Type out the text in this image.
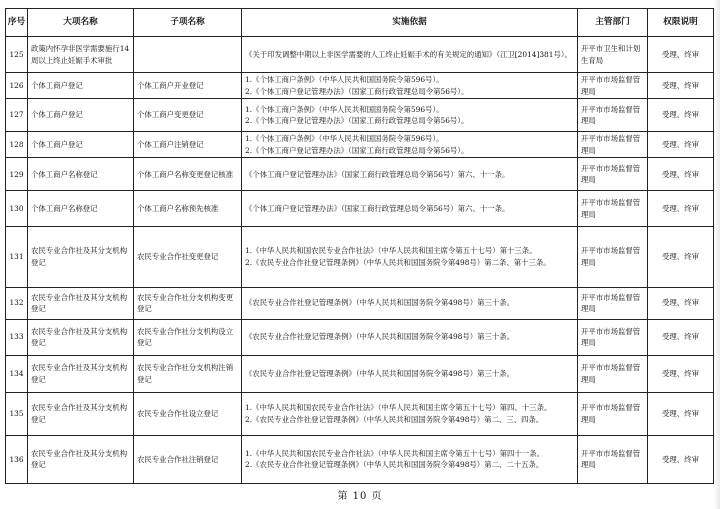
序号	大项名称	子项名称	实施依据	主管部门	权限说明
125	政策内怀孕非医学需要施行14周以上终止妊娠手术审批		《关于印发调整中期以上非医学需要的人工终止妊娠手术的有关规定的通知》（江卫[2014]381号）。	开平市卫生和计划生育局	受理、终审
126	个体工商户登记	个体工商户开业登记	1.《个体工商户条例》（中华人民共和国国务院令第596号）。
2.《个体工商户登记管理办法》（国家工商行政管理总局令第56号）。	开平市市场监督管理局	受理、终审
127	个体工商户登记	个体工商户变更登记	1.《个体工商户条例》（中华人民共和国国务院令第596号）。
2.《个体工商户登记管理办法》（国家工商行政管理总局令第56号）。	开平市市场监督管理局	受理、终审
128	个体工商户登记	个体工商户注销登记	1.《个体工商户条例》（中华人民共和国国务院令第596号）。
2.《个体工商户登记管理办法》（国家工商行政管理总局令第56号）。	开平市市场监督管理局	受理、终审
129	个体工商户名称登记	个体工商户名称变更登记核准	《个体工商户登记管理办法》（国家工商行政管理总局令第56号）第六、十一条。	开平市市场监督管理局	受理、终审
130	个体工商户名称登记	个体工商户名称预先核准	《个体工商户登记管理办法》（国家工商行政管理总局令第56号）第六、十一条。	开平市市场监督管理局	受理、终审
131	农民专业合作社及其分支机构登记	农民专业合作社变更登记	1.《中华人民共和国农民专业合作社法》（中华人民共和国主席令第五十七号）第十三条。
2.《农民专业合作社登记管理条例》（中华人民共和国国务院令第498号）第二条、第十三条。	开平市市场监督管理局	受理、终审
132	农民专业合作社及其分支机构登记	农民专业合作社分支机构变更登记	《农民专业合作社登记管理条例》（中华人民共和国国务院令第498号）第三十条。	开平市市场监督管理局	受理、终审
133	农民专业合作社及其分支机构登记	农民专业合作社分支机构设立登记	《农民专业合作社登记管理条例》（中华人民共和国国务院令第498号）第三十条。	开平市市场监督管理局	受理、终审
134	农民专业合作社及其分支机构登记	农民专业合作社分支机构注销登记	《农民专业合作社登记管理条例》（中华人民共和国国务院令第498号）第三十条。	开平市市场监督管理局	受理、终审
135	农民专业合作社及其分支机构登记	农民专业合作社设立登记	1.《中华人民共和国农民专业合作社法》（中华人民共和国主席令第五十七号）第四、十三条。
2.《农民专业合作社登记管理条例》（中华人民共和国国务院令第498号）第二、三、四条。	开平市市场监督管理局	受理、终审
136	农民专业合作社及其分支机构登记	农民专业合作社注销登记	1.《中华人民共和国农民专业合作社法》（中华人民共和国主席令第五十七号）第四十一条。
2.《农民专业合作社登记管理条例》（中华人民共和国国务院令第498号）第二、二十五条。	开平市市场监督管理局	受理、终审
第 10 页
